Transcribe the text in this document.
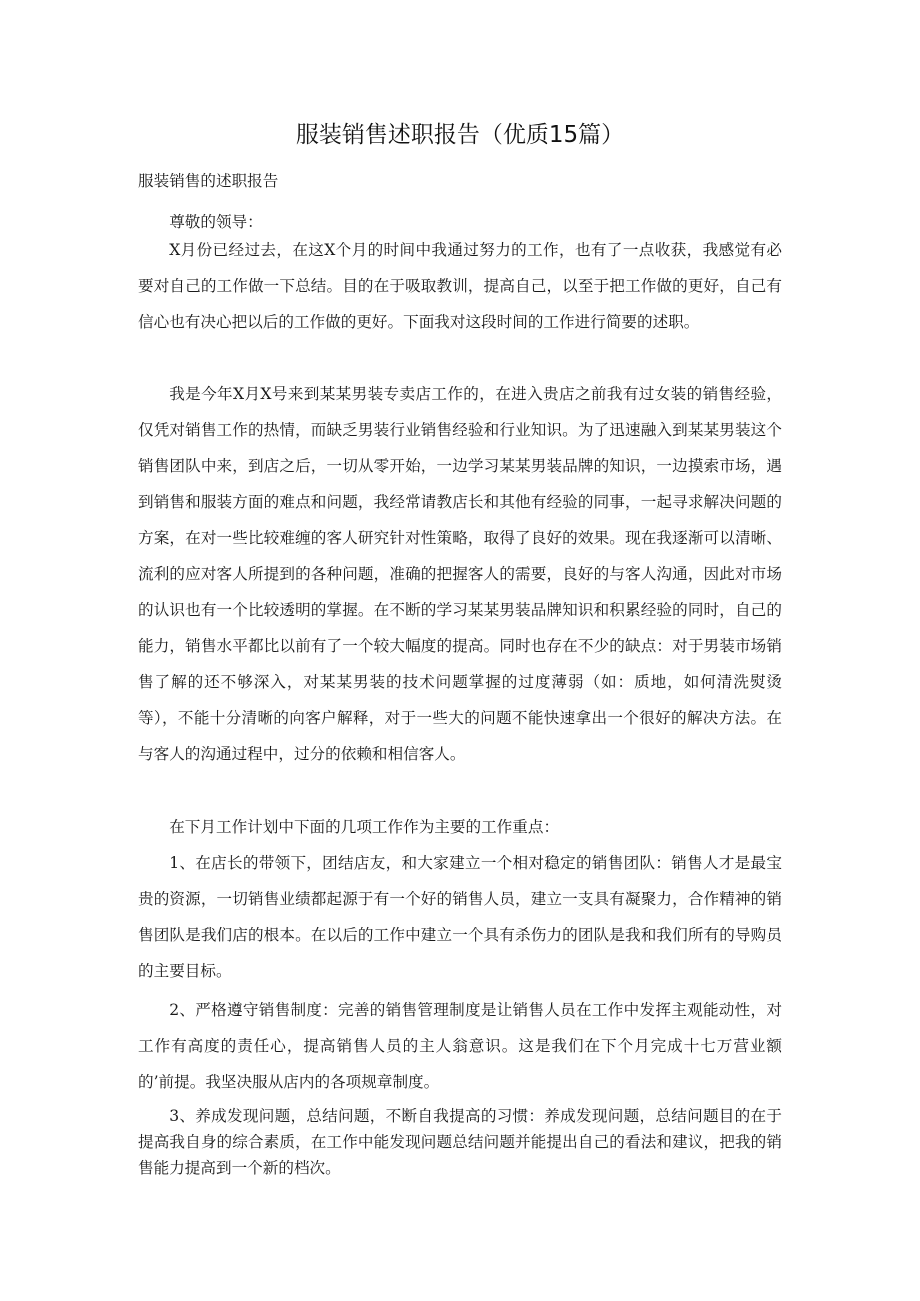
服装销售述职报告（优质15篇）
服装销售的述职报告

尊敬的领导：

X月份已经过去，在这X个月的时间中我通过努力的工作，也有了一点收获，我感觉有必要对自己的工作做一下总结。目的在于吸取教训，提高自己，以至于把工作做的更好，自己有信心也有决心把以后的工作做的更好。下面我对这段时间的工作进行简要的述职。

我是今年X月X号来到某某男装专卖店工作的，在进入贵店之前我有过女装的销售经验，仅凭对销售工作的热情，而缺乏男装行业销售经验和行业知识。为了迅速融入到某某男装这个销售团队中来，到店之后，一切从零开始，一边学习某某男装品牌的知识，一边摸索市场，遇到销售和服装方面的难点和问题，我经常请教店长和其他有经验的同事，一起寻求解决问题的方案，在对一些比较难缠的客人研究针对性策略，取得了良好的效果。现在我逐渐可以清晰、流利的应对客人所提到的各种问题，准确的把握客人的需要，良好的与客人沟通，因此对市场的认识也有一个比较透明的掌握。在不断的学习某某男装品牌知识和积累经验的同时，自己的能力，销售水平都比以前有了一个较大幅度的提高。同时也存在不少的缺点：对于男装市场销售了解的还不够深入，对某某男装的技术问题掌握的过度薄弱（如：质地，如何清洗熨烫等），不能十分清晰的向客户解释，对于一些大的问题不能快速拿出一个很好的解决方法。在与客人的沟通过程中，过分的依赖和相信客人。

在下月工作计划中下面的几项工作作为主要的工作重点：

1、在店长的带领下，团结店友，和大家建立一个相对稳定的销售团队：销售人才是最宝贵的资源，一切销售业绩都起源于有一个好的销售人员，建立一支具有凝聚力，合作精神的销售团队是我们店的根本。在以后的工作中建立一个具有杀伤力的团队是我和我们所有的导购员的主要目标。

2、严格遵守销售制度：完善的销售管理制度是让销售人员在工作中发挥主观能动性，对工作有高度的责任心，提高销售人员的主人翁意识。这是我们在下个月完成十七万营业额的’前提。我坚决服从店内的各项规章制度。

3、养成发现问题，总结问题，不断自我提高的习惯：养成发现问题，总结问题目的在于提高我自身的综合素质，在工作中能发现问题总结问题并能提出自己的看法和建议，把我的销售能力提高到一个新的档次。
